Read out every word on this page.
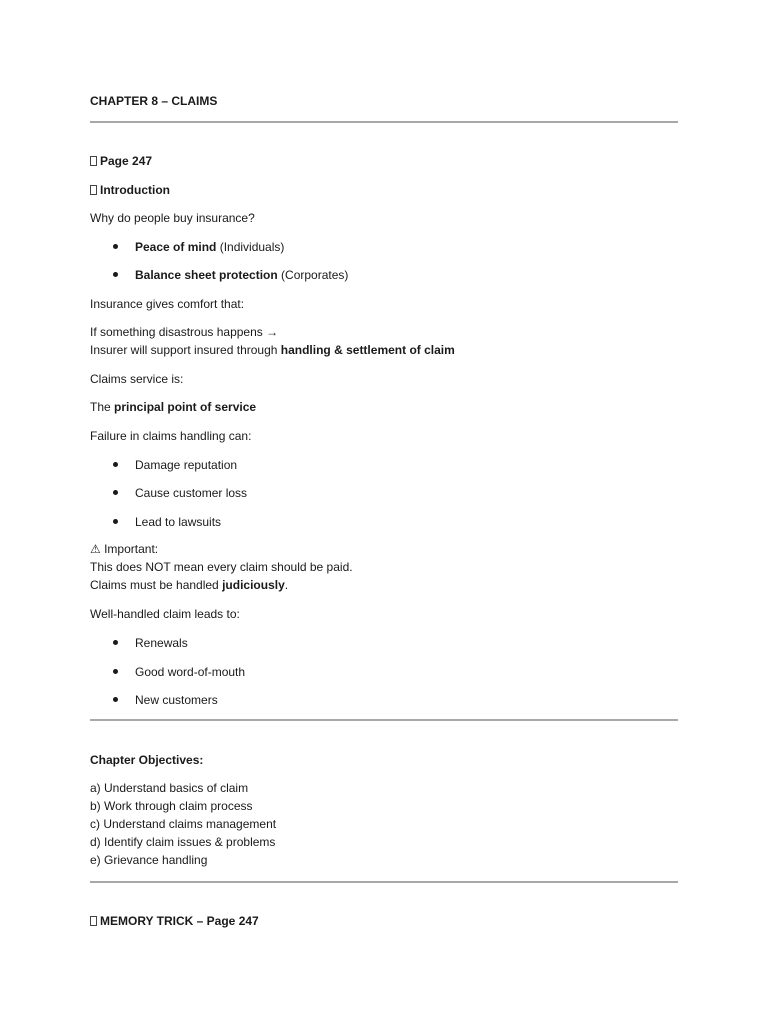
CHAPTER 8 – CLAIMS
Page 247
Introduction
Why do people buy insurance?
Peace of mind (Individuals)
Balance sheet protection (Corporates)
Insurance gives comfort that:
If something disastrous happens →
Insurer will support insured through handling & settlement of claim
Claims service is:
The principal point of service
Failure in claims handling can:
Damage reputation
Cause customer loss
Lead to lawsuits
⚠ Important:
This does NOT mean every claim should be paid.
Claims must be handled judiciously.
Well-handled claim leads to:
Renewals
Good word-of-mouth
New customers
Chapter Objectives:
a) Understand basics of claim
b) Work through claim process
c) Understand claims management
d) Identify claim issues & problems
e) Grievance handling
MEMORY TRICK – Page 247
